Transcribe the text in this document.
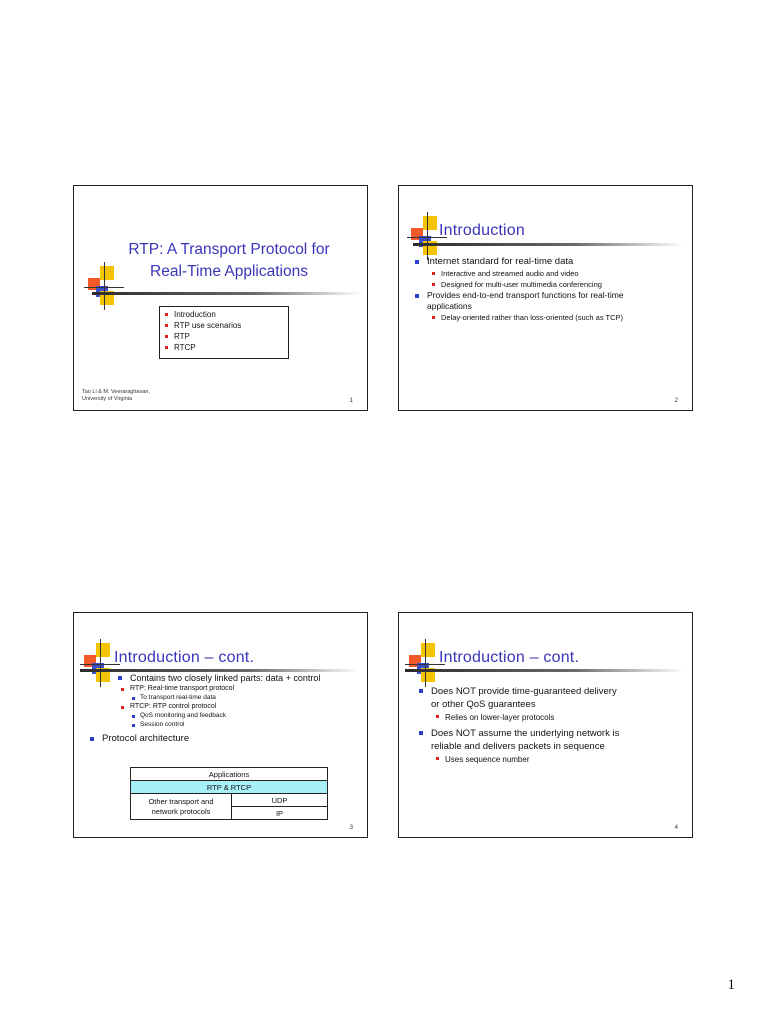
RTP: A Transport Protocol for
Real-Time Applications
Introduction
RTP use scenarios
RTP
RTCP
Tao Li & M. Veeraraghavan,
University of Virginia	1
Introduction
Internet standard for real-time data
Interactive and streamed audio and video
Designed for multi-user multimedia conferencing
Provides end-to-end transport functions for real-time
applications
Delay-oriented rather than loss-oriented (such as TCP)
2
Introduction – cont.
Contains two closely linked parts: data + control
RTP: Real-time transport protocol
To transport real-time data
RTCP: RTP control protocol
QoS monitoring and feedback
Session control
Protocol architecture
Applications
RTP & RTCP
Other transport and
network protocols	UDP
IP
3
Introduction – cont.
Does NOT provide time-guaranteed delivery
or other QoS guarantees
Relies on lower-layer protocols
Does NOT assume the underlying network is
reliable and delivers packets in sequence
Uses sequence number
4
1
